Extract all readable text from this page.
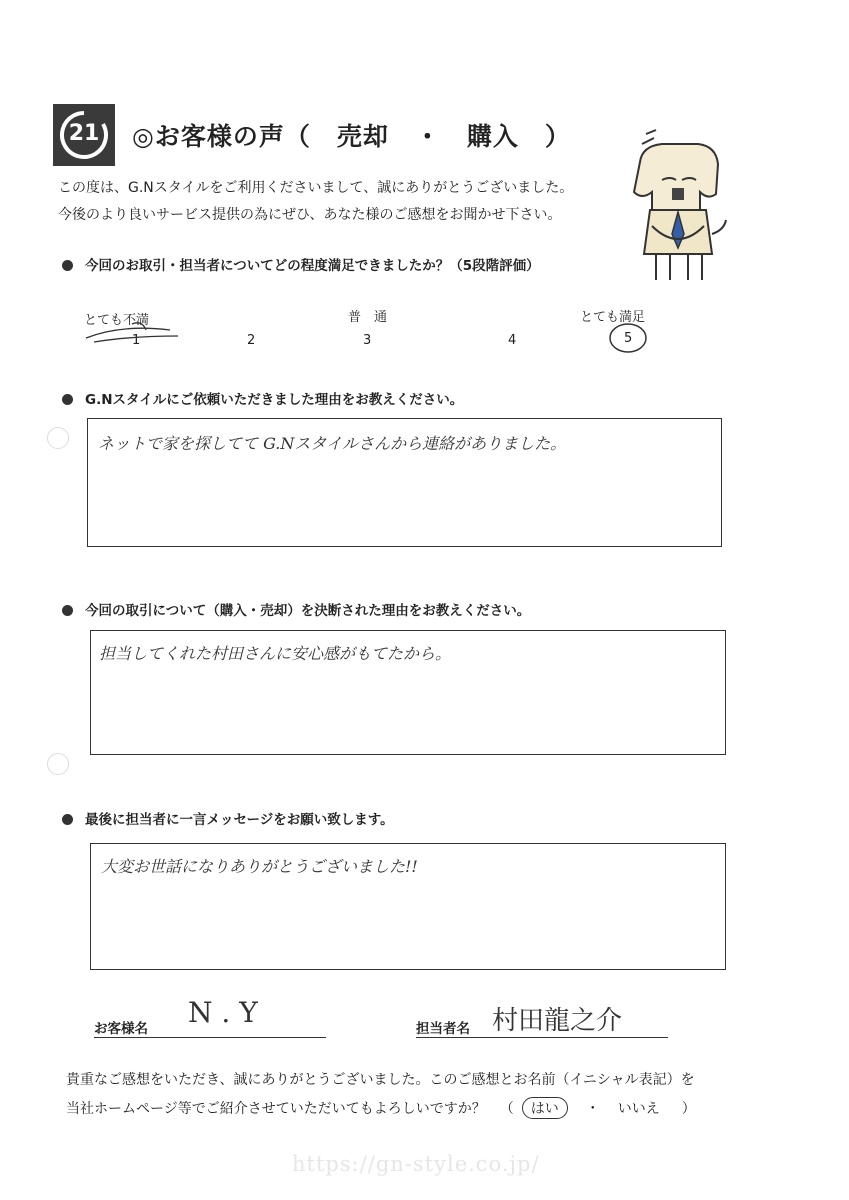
21	◎お客様の声（　売却　・　購入　）
この度は、G.Nスタイルをご利用くださいまして、誠にありがとうございました。
今後のより良いサービス提供の為にぜひ、あなた様のご感想をお聞かせ下さい。
今回のお取引・担当者についてどの程度満足できましたか？（5段階評価）
とても不満	普　通	とても満足
1	2	3	4	5
G.Nスタイルにご依頼いただきました理由をお教えください。
ネットで家を探してて G.Nスタイルさんから連絡がありました。
今回の取引について（購入・売却）を決断された理由をお教えください。
担当してくれた村田さんに安心感がもてたから。
最後に担当者に一言メッセージをお願い致します。
大変お世話になりありがとうございました!!
お客様名 N . Y	担当者名 村田龍之介
貴重なご感想をいただき、誠にありがとうございました。このご感想とお名前（イニシャル表記）を
当社ホームページ等でご紹介させていただいてもよろしいですか？ （ はい ・ いいえ ）
https://gn-style.co.jp/
